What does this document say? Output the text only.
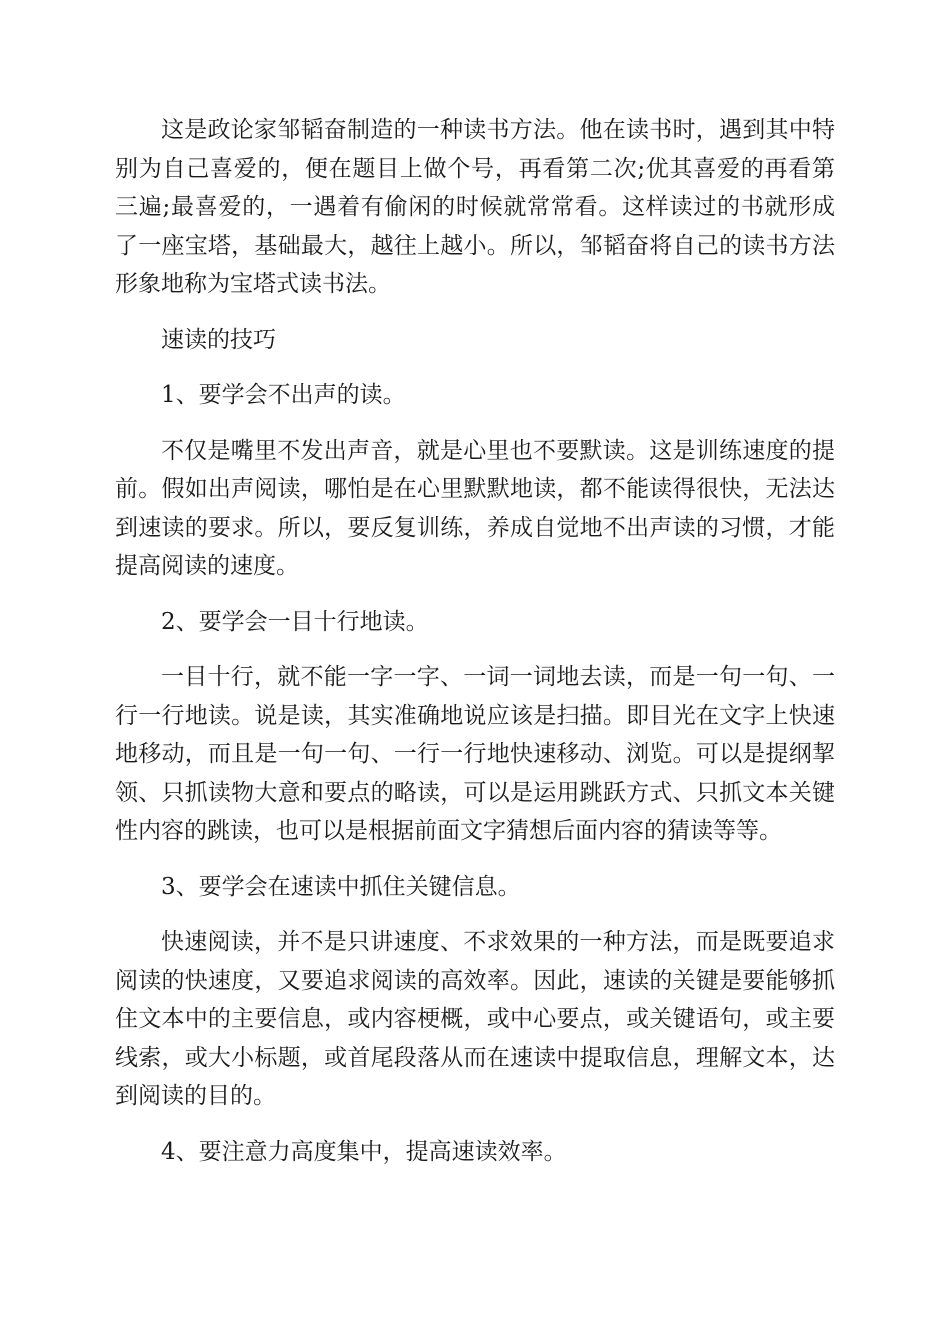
这是政论家邹韬奋制造的一种读书方法。他在读书时，遇到其中特别为自己喜爱的，便在题目上做个号，再看第二次;优其喜爱的再看第三遍;最喜爱的，一遇着有偷闲的时候就常常看。这样读过的书就形成了一座宝塔，基础最大，越往上越小。所以，邹韬奋将自己的读书方法形象地称为宝塔式读书法。

速读的技巧

1、要学会不出声的读。

不仅是嘴里不发出声音，就是心里也不要默读。这是训练速度的提前。假如出声阅读，哪怕是在心里默默地读，都不能读得很快，无法达到速读的要求。所以，要反复训练，养成自觉地不出声读的习惯，才能提高阅读的速度。

2、要学会一目十行地读。

一目十行，就不能一字一字、一词一词地去读，而是一句一句、一行一行地读。说是读，其实准确地说应该是扫描。即目光在文字上快速地移动，而且是一句一句、一行一行地快速移动、浏览。可以是提纲挈领、只抓读物大意和要点的略读，可以是运用跳跃方式、只抓文本关键性内容的跳读，也可以是根据前面文字猜想后面内容的猜读等等。

3、要学会在速读中抓住关键信息。

快速阅读，并不是只讲速度、不求效果的一种方法，而是既要追求阅读的快速度，又要追求阅读的高效率。因此，速读的关键是要能够抓住文本中的主要信息，或内容梗概，或中心要点，或关键语句，或主要线索，或大小标题，或首尾段落从而在速读中提取信息，理解文本，达到阅读的目的。

4、要注意力高度集中，提高速读效率。
